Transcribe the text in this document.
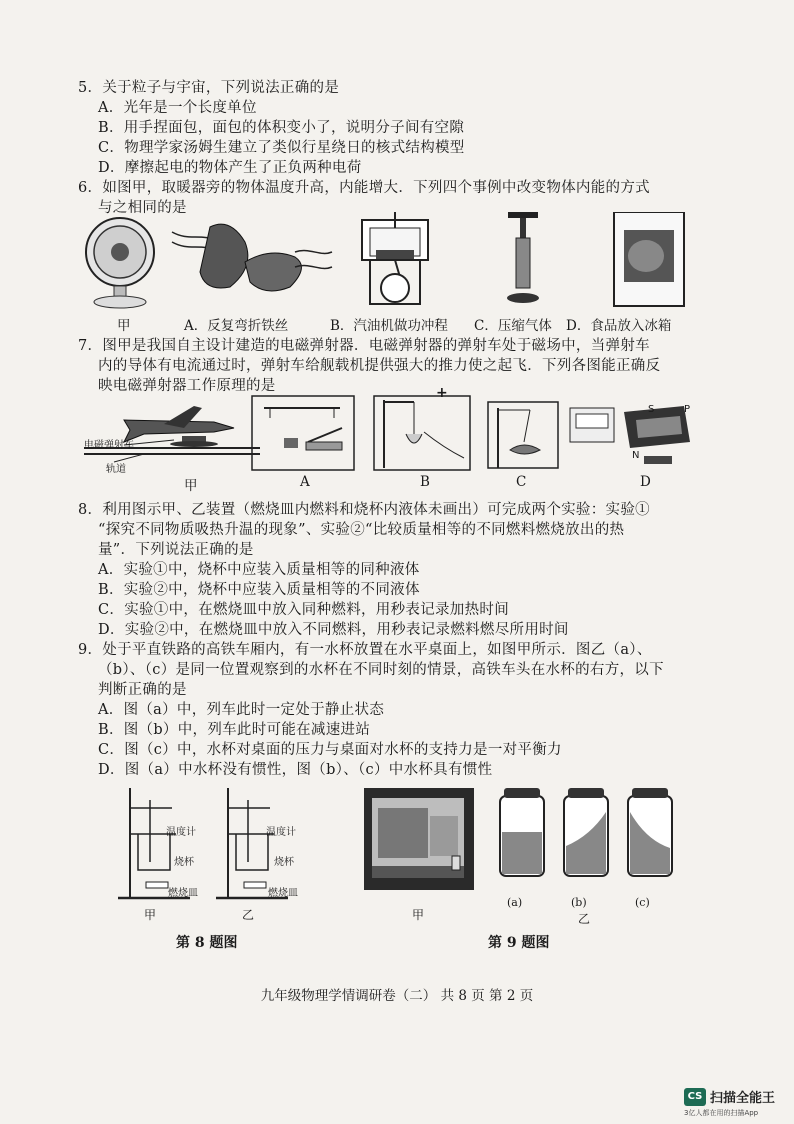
5．关于粒子与宇宙，下列说法正确的是
A．光年是一个长度单位
B．用手捏面包，面包的体积变小了，说明分子间有空隙
C．物理学家汤姆生建立了类似行星绕日的核式结构模型
D．摩擦起电的物体产生了正负两种电荷
6．如图甲，取暖器旁的物体温度升高，内能增大．下列四个事例中改变物体内能的方式
与之相同的是
甲	A．反复弯折铁丝	B．汽油机做功冲程 C．压缩气体 D．食品放入冰箱
7．图甲是我国自主设计建造的电磁弹射器．电磁弹射器的弹射车处于磁场中，当弹射车
内的导体有电流通过时，弹射车给舰载机提供强大的推力使之起飞．下列各图能正确反
映电磁弹射器工作原理的是	+
S
N
P
电磁弹射车
轨道
甲	A	B	C	D
8．利用图示甲、乙装置（燃烧皿内燃料和烧杯内液体未画出）可完成两个实验：实验①
“探究不同物质吸热升温的现象”、实验②“比较质量相等的不同燃料燃烧放出的热
量”．下列说法正确的是
A．实验①中，烧杯中应装入质量相等的同种液体
B．实验②中，烧杯中应装入质量相等的不同液体
C．实验①中，在燃烧皿中放入同种燃料，用秒表记录加热时间
D．实验②中，在燃烧皿中放入不同燃料，用秒表记录燃料燃尽所用时间
9．处于平直铁路的高铁车厢内，有一水杯放置在水平桌面上，如图甲所示．图乙（a）、
（b）、（c）是同一位置观察到的水杯在不同时刻的情景，高铁车头在水杯的右方，以下
判断正确的是
A．图（a）中，列车此时一定处于静止状态
B．图（b）中，列车此时可能在减速进站
C．图（c）中，水杯对桌面的压力与桌面对水杯的支持力是一对平衡力
D．图（a）中水杯没有惯性，图（b）、（c）中水杯具有惯性
温度计
烧杯
燃烧皿
温度计
烧杯
燃烧皿
甲	乙
第 8 题图
甲
(a)	(b)	(c)
乙
第 9 题图
九年级物理学情调研卷（二） 共 8 页 第 2 页
CS 扫描全能王
3亿人都在用的扫描App
